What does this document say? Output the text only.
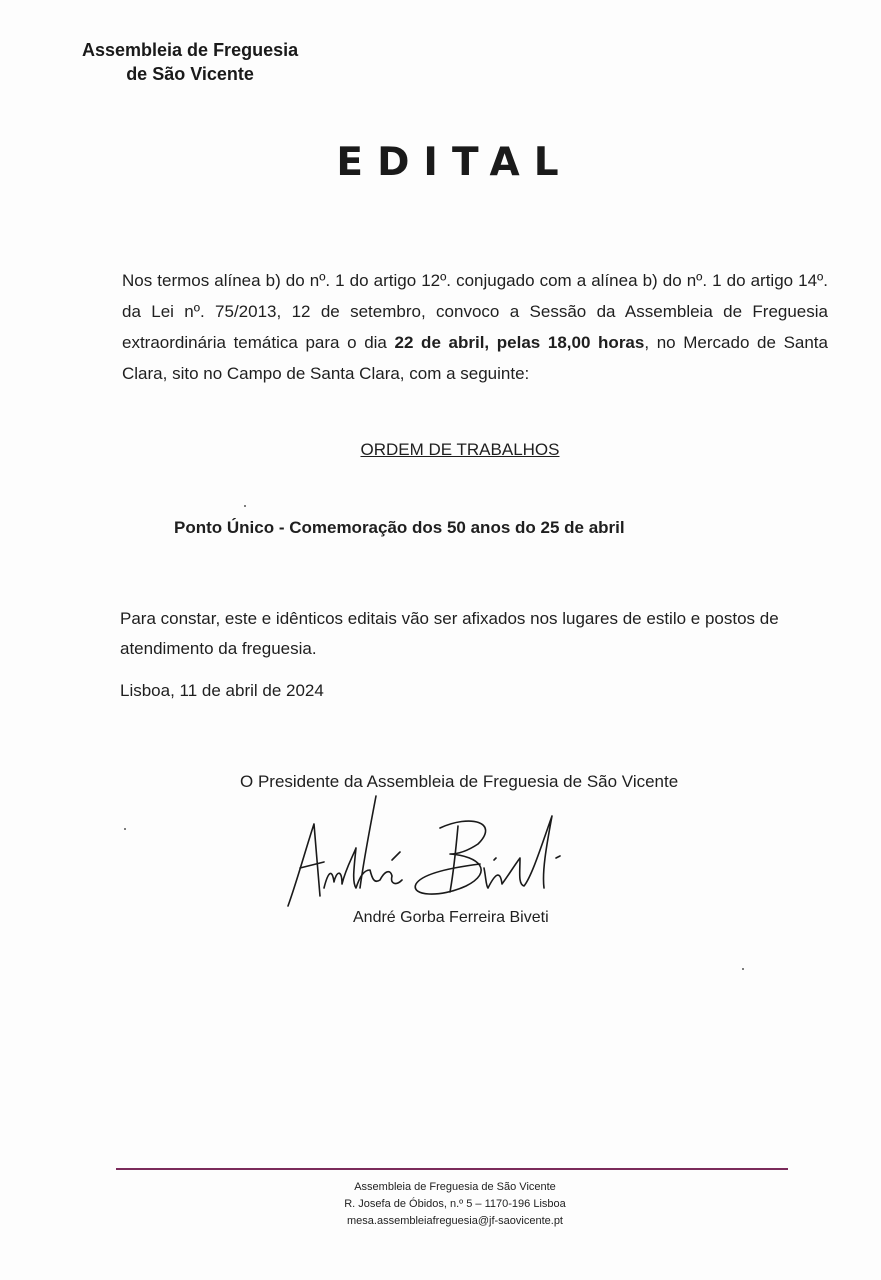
Assembleia de Freguesia
de São Vicente
EDITAL
Nos termos alínea b) do nº. 1 do artigo 12º. conjugado com a alínea b) do nº. 1 do artigo 14º. da Lei nº. 75/2013, 12 de setembro, convoco a Sessão da Assembleia de Freguesia extraordinária temática para o dia 22 de abril, pelas 18,00 horas, no Mercado de Santa Clara, sito no Campo de Santa Clara, com a seguinte:
ORDEM DE TRABALHOS
Ponto Único - Comemoração dos 50 anos do 25 de abril
Para constar, este e idênticos editais vão ser afixados nos lugares de estilo e postos de atendimento da freguesia.
Lisboa, 11 de abril de 2024
O Presidente da Assembleia de Freguesia de São Vicente
André Gorba Ferreira Biveti
Assembleia de Freguesia de São Vicente
R. Josefa de Óbidos, n.º 5 – 1170-196 Lisboa
mesa.assembleiafreguesia@jf-saovicente.pt
